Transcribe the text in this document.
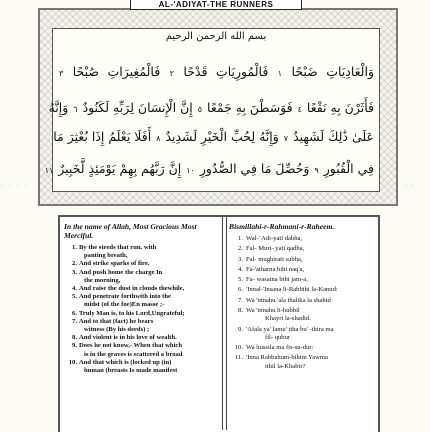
AL-'ADIYAT-THE RUNNERS
بسم الله الرحمن الرحيم
وَالْعَادِيَاتِ ضَبْحًا ١ فَالْمُورِيَاتِ قَدْحًا ٢ فَالْمُغِيرَاتِ صُبْحًا ٣
فَأَثَرْنَ بِهِ نَقْعًا ٤ فَوَسَطْنَ بِهِ جَمْعًا ٥ إِنَّ الْإِنسَانَ لِرَبِّهِ لَكَنُودٌ ٦ وَإِنَّهُ
عَلَىٰ ذَٰلِكَ لَشَهِيدٌ ٧ وَإِنَّهُ لِحُبِّ الْخَيْرِ لَشَدِيدٌ ٨ أَفَلَا يَعْلَمُ إِذَا بُعْثِرَ مَا
فِي الْقُبُورِ ٩ وَحُصِّلَ مَا فِي الصُّدُورِ ١٠ إِنَّ رَبَّهُم بِهِمْ يَوْمَئِذٍ لَّخَبِيرٌ ١١
· · · ·	· ·
In the name of Allah, Most Gracious Most Merciful.
1. By the steeds that run, with
panting breath,
2. And strike sparks of fire,
3. And push home the charge In
the morning,
4. And raise the dust in clouds thewhile,
5. And penetrate forthwith into the
midst (of the foe)En masse ;-
6. Truly Man is, to his Lord,Ungrateful;
7. And to that (fact) he bears
witness (By his deeds) ;
8. And violent is in his love of wealth.
9. Does he not know,- When that which
is in the graves is scattered a broad
10. And that which is (locked up (in)
human (breasts Is made manifest
Bismillahi-r-Rahmani-r-Raheem.
1. Wal-' Adi-yati dabha,
2. Fal- Muri- yati qadha,
3. Fal- mughirati subha,
4. Fa-'atharna bihi naq'a,
5. Fa- wasatna bihi jam-a,
6. 'Innal-'Insana li-Rabbihi la-Kanud:
7. Wa 'innahu 'ala thalika la shahid
8. Wa 'innahu li-hubbil
Khayri la-shadid.
9. 'Afala ya' lamu' itha bu' -thira ma
fil- qubur
10. Wa hussila ma fis-su-dur:
11. 'Inna Rabbahum-bihim Yawma
ithil la-Khabir?
